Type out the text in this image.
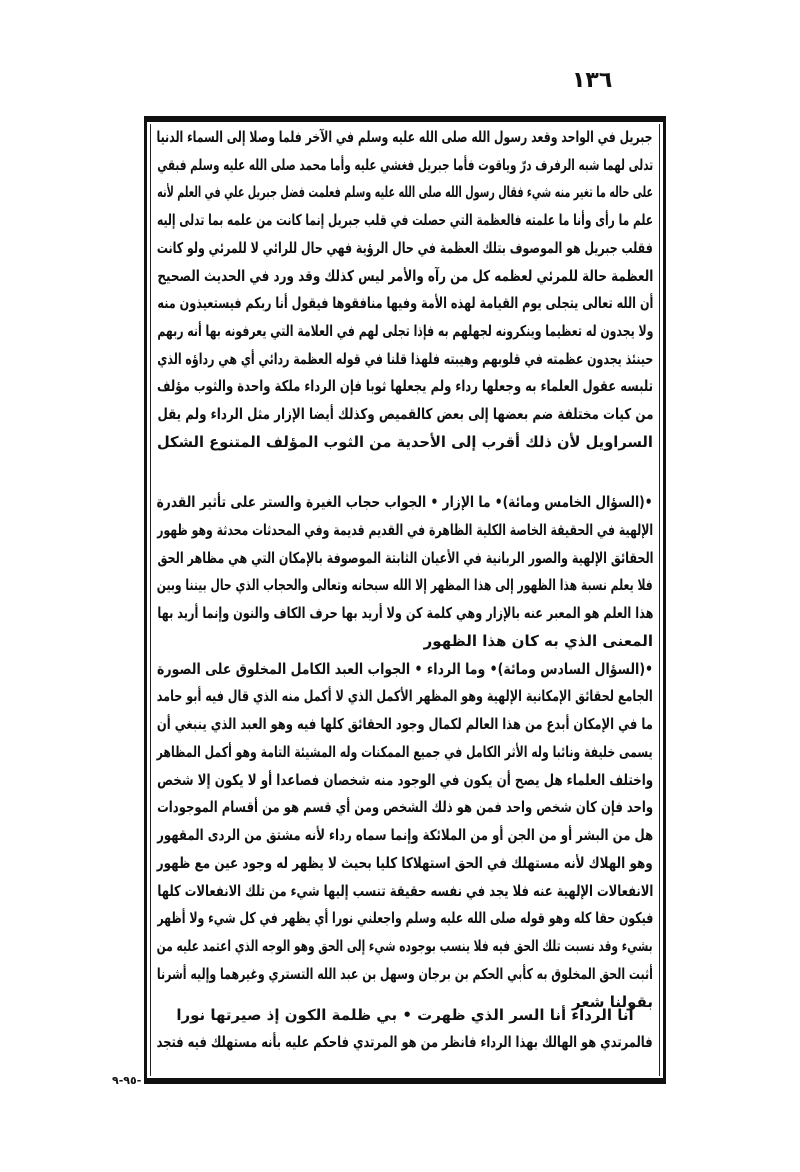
١٣٦
جبريل في الواحد وقعد رسول الله صلى الله عليه وسلم في الآخر فلما وصلا إلى السماء الدنيا
تدلى لهما شبه الرفرف درّ وياقوت فأما جبريل فغشي عليه وأما محمد صلى الله عليه وسلم فبقي
على حاله ما تغير منه شيء فقال رسول الله صلى الله عليه وسلم فعلمت فضل جبريل علي في العلم لأنه
علم ما رأى وأنا ما علمته فالعظمة التي حصلت في قلب جبريل إنما كانت من علمه بما تدلى إليه
فقلب جبريل هو الموصوف بتلك العظمة في حال الرؤية فهي حال للرائي لا للمرئي ولو كانت
العظمة حالة للمرئي لعظمه كل من رآه والأمر ليس كذلك وقد ورد في الحديث الصحيح
أن الله تعالى يتجلى يوم القيامة لهذه الأمة وفيها منافقوها فيقول أنا ربكم فيستعيذون منه
ولا يجدون له تعظيما وينكرونه لجهلهم به فإذا تجلى لهم في العلامة التي يعرفونه بها أنه ربهم
حينئذ يجدون عظمته في قلوبهم وهيبته فلهذا قلنا في قوله العظمة ردائي أي هي رداؤه الذي
تلبسه عقول العلماء به وجعلها رداء ولم يجعلها ثوبا فإن الرداء ملكة واحدة والثوب مؤلف
من كيات مختلفة ضم بعضها إلى بعض كالقميص وكذلك أيضا الإزار مثل الرداء ولم يقل
السراويل لأن ذلك أقرب إلى الأحدية من الثوب المؤلف المتنوع الشكل
•(السؤال الخامس ومائة)• ما الإزار • الجواب حجاب الغيرة والستر على تأثير القدرة
الإلهية في الحقيقة الخاصة الكلية الظاهرة في القديم قديمة وفي المحدثات محدثة وهو ظهور
الحقائق الإلهية والصور الربانية في الأعيان الثابتة الموصوفة بالإمكان التي هي مظاهر الحق
فلا يعلم نسبة هذا الظهور إلى هذا المظهر إلا الله سبحانه وتعالى والحجاب الذي حال بيننا وبين
هذا العلم هو المعبر عنه بالإزار وهي كلمة كن ولا أريد بها حرف الكاف والنون وإنما أريد بها
المعنى الذي به كان هذا الظهور
•(السؤال السادس ومائة)• وما الرداء • الجواب العبد الكامل المخلوق على الصورة
الجامع لحقائق الإمكانية الإلهية وهو المظهر الأكمل الذي لا أكمل منه الذي قال فيه أبو حامد
ما في الإمكان أبدع من هذا العالم لكمال وجود الحقائق كلها فيه وهو العبد الذي ينبغي أن
يسمى خليفة ونائبا وله الأثر الكامل في جميع الممكنات وله المشيئة التامة وهو أكمل المظاهر
واختلف العلماء هل يصح أن يكون في الوجود منه شخصان فصاعدا أو لا يكون إلا شخص
واحد فإن كان شخص واحد فمن هو ذلك الشخص ومن أي قسم هو من أقسام الموجودات
هل من البشر أو من الجن أو من الملائكة وإنما سماه رداء لأنه مشتق من الردى المقهور
وهو الهلاك لأنه مستهلك في الحق استهلاكا كليا بحيث لا يظهر له وجود عين مع ظهور
الانفعالات الإلهية عنه فلا يجد في نفسه حقيقة تنسب إليها شيء من تلك الانفعالات كلها
فيكون حقا كله وهو قوله صلى الله عليه وسلم واجعلني نورا أي يظهر في كل شيء ولا أظهر
بشيء وقد نسبت تلك الحق فيه فلا ينسب بوجوده شيء إلى الحق وهو الوجه الذي اعتمد عليه من
أثبت الحق المخلوق به كأبي الحكم بن برجان وسهل بن عبد الله التستري وغيرهما وإليه أشرنا
بقولنا شعر
أنا الرداء أنا السر الذي ظهرت • بي ظلمة الكون إذ صيرتها نورا
فالمرتدي هو الهالك بهذا الرداء فانظر من هو المرتدي فاحكم عليه بأنه مستهلك فيه فتجد
٩٥-٩-
